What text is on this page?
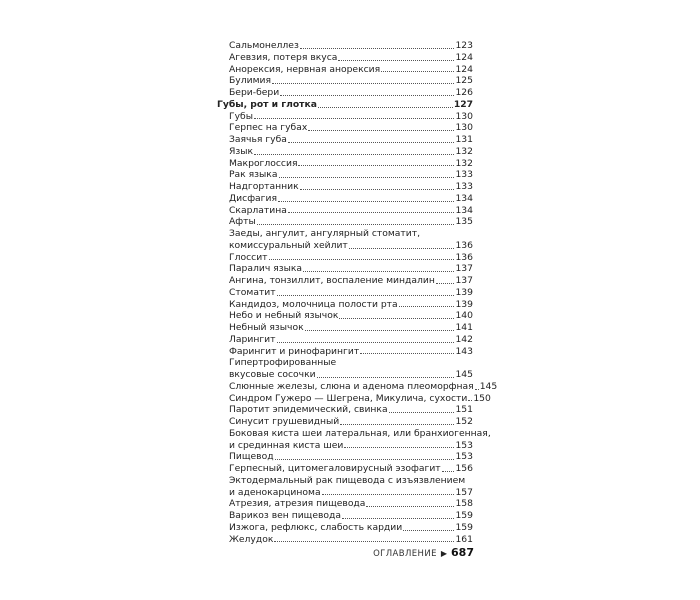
Сальмонеллез	123
Агевзия, потеря вкуса	124
Анорексия, нервная анорексия	124
Булимия	125
Бери-бери	126
Губы, рот и глотка	127
Губы	130
Герпес на губах	130
Заячья губа	131
Язык	132
Макроглоссия	132
Рак языка	133
Надгортанник	133
Дисфагия	134
Скарлатина	134
Афты	135
Заеды, ангулит, ангулярный стоматит,
комиссуральный хейлит	136
Глоссит	136
Паралич языка	137
Ангина, тонзиллит, воспаление миндалин 137
Стоматит	139
Кандидоз, молочница полости рта	139
Небо и небный язычок	140
Небный язычок	141
Ларингит	142
Фарингит и ринофарингит	143
Гипертрофированные
вкусовые сосочки	145
Слюнные железы, слюна и аденома плеоморфная 145
Синдром Гужеро — Шегрена, Микулича, сухости 150
Паротит эпидемический, свинка	151
Синусит грушевидный	152
Боковая киста шеи латеральная, или бранхиогенная,
и срединная киста шеи	153
Пищевод	153
Герпесный, цитомегаловирусный эзофагит 156
Эктодермальный рак пищевода с изъязвлением
и аденокарцинома	157
Атрезия, атрезия пищевода	158
Варикоз вен пищевода	159
Изжога, рефлюкс, слабость кардии	159
Желудок	161
ОГЛАВЛЕНИЕ ▶ 687
